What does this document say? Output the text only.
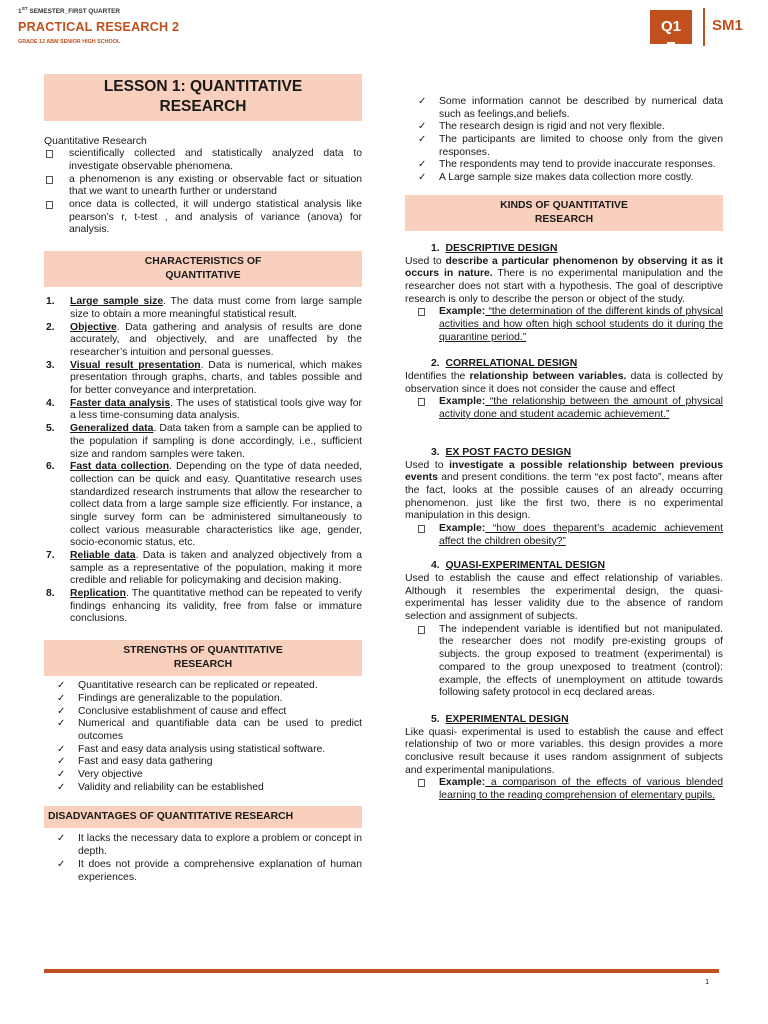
1ST SEMESTER_FIRST QUARTER
PRACTICAL RESEARCH 2
GRADE 12 ABM SENIOR HIGH SCHOOL
Q1	SM1
LESSON 1: QUANTITATIVE RESEARCH
Quantitative Research
scientifically collected and statistically analyzed data to investigate observable phenomena.
a phenomenon is any existing or observable fact or situation that we want to unearth further or understand
once data is collected, it will undergo statistical analysis like pearson’s r, t-test , and analysis of variance (anova) for analysis.
CHARACTERISTICS OF
QUANTITATIVE
1. Large sample size. The data must come from large sample size to obtain a more meaningful statistical result.
2. Objective. Data gathering and analysis of results are done accurately, and objectively, and are unaffected by the researcher’s intuition and personal guesses.
3. Visual result presentation. Data is numerical, which makes presentation through graphs, charts, and tables possible and for better conveyance and interpretation.
4. Faster data analysis. The uses of statistical tools give way for a less time-consuming data analysis.
5. Generalized data. Data taken from a sample can be applied to the population if sampling is done accordingly, i.e., sufficient size and random samples were taken.
6. Fast data collection. Depending on the type of data needed, collection can be quick and easy. Quantitative research uses standardized research instruments that allow the researcher to collect data from a large sample size efficiently. For instance, a single survey form can be administered simultaneously to collect various measurable characteristics like age, gender, socio-economic status, etc.
7. Reliable data. Data is taken and analyzed objectively from a sample as a representative of the population, making it more credible and reliable for policymaking and decision making.
8. Replication. The quantitative method can be repeated to verify findings enhancing its validity, free from false or immature conclusions.
STRENGTHS OF QUANTITATIVE
RESEARCH
✓ Quantitative research can be replicated or repeated.
✓ Findings are generalizable to the population.
✓ Conclusive establishment of cause and effect
✓ Numerical and quantifiable data can be used to predict outcomes
✓ Fast and easy data analysis using statistical software.
✓ Fast and easy data gathering
✓ Very objective
✓ Validity and reliability can be established
DISADVANTAGES OF QUANTITATIVE RESEARCH
✓ It lacks the necessary data to explore a problem or concept in depth.
✓ It does not provide a comprehensive explanation of human experiences.
✓ Some information cannot be described by numerical data such as feelings,and beliefs.
✓ The research design is rigid and not very flexible.
✓ The participants are limited to choose only from the given responses.
✓ The respondents may tend to provide inaccurate responses.
✓ A Large sample size makes data collection more costly.
KINDS OF QUANTITATIVE
RESEARCH
1. DESCRIPTIVE DESIGN

Used to describe a particular phenomenon by observing it as it occurs in nature. There is no experimental manipulation and the researcher does not start with a hypothesis. The goal of descriptive research is only to describe the person or object of the study.

Example: “the determination of the different kinds of physical activities and how often high school students do it during the quarantine period.”
2. CORRELATIONAL DESIGN

Identifies the relationship between variables. data is collected by observation since it does not consider the cause and effect

Example: “the relationship between the amount of physical activity done and student academic achievement.”
3. EX POST FACTO DESIGN

Used to investigate a possible relationship between previous events and present conditions. the term “ex post facto”, means after the fact, looks at the possible causes of an already occurring phenomenon. just like the first two, there is no experimental manipulation in this design.

Example: “how does theparent’s academic achievement affect the children obesity?”
4. QUASI-EXPERIMENTAL DESIGN

Used to establish the cause and effect relationship of variables. Although it resembles the experimental design, the quasi-experimental has lesser validity due to the absence of random selection and assignment of subjects.

The independent variable is identified but not manipulated. the researcher does not modify pre-existing groups of subjects. the group exposed to treatment (experimental) is compared to the group unexposed to treatment (control): example, the effects of unemployment on attitude towards following safety protocol in ecq declared areas.
5. EXPERIMENTAL DESIGN

Like quasi- experimental is used to establish the cause and effect relationship of two or more variables. this design provides a more conclusive result because it uses random assignment of subjects and experimental manipulations.

Example: a comparison of the effects of various blended learning to the reading comprehension of elementary pupils.
1
